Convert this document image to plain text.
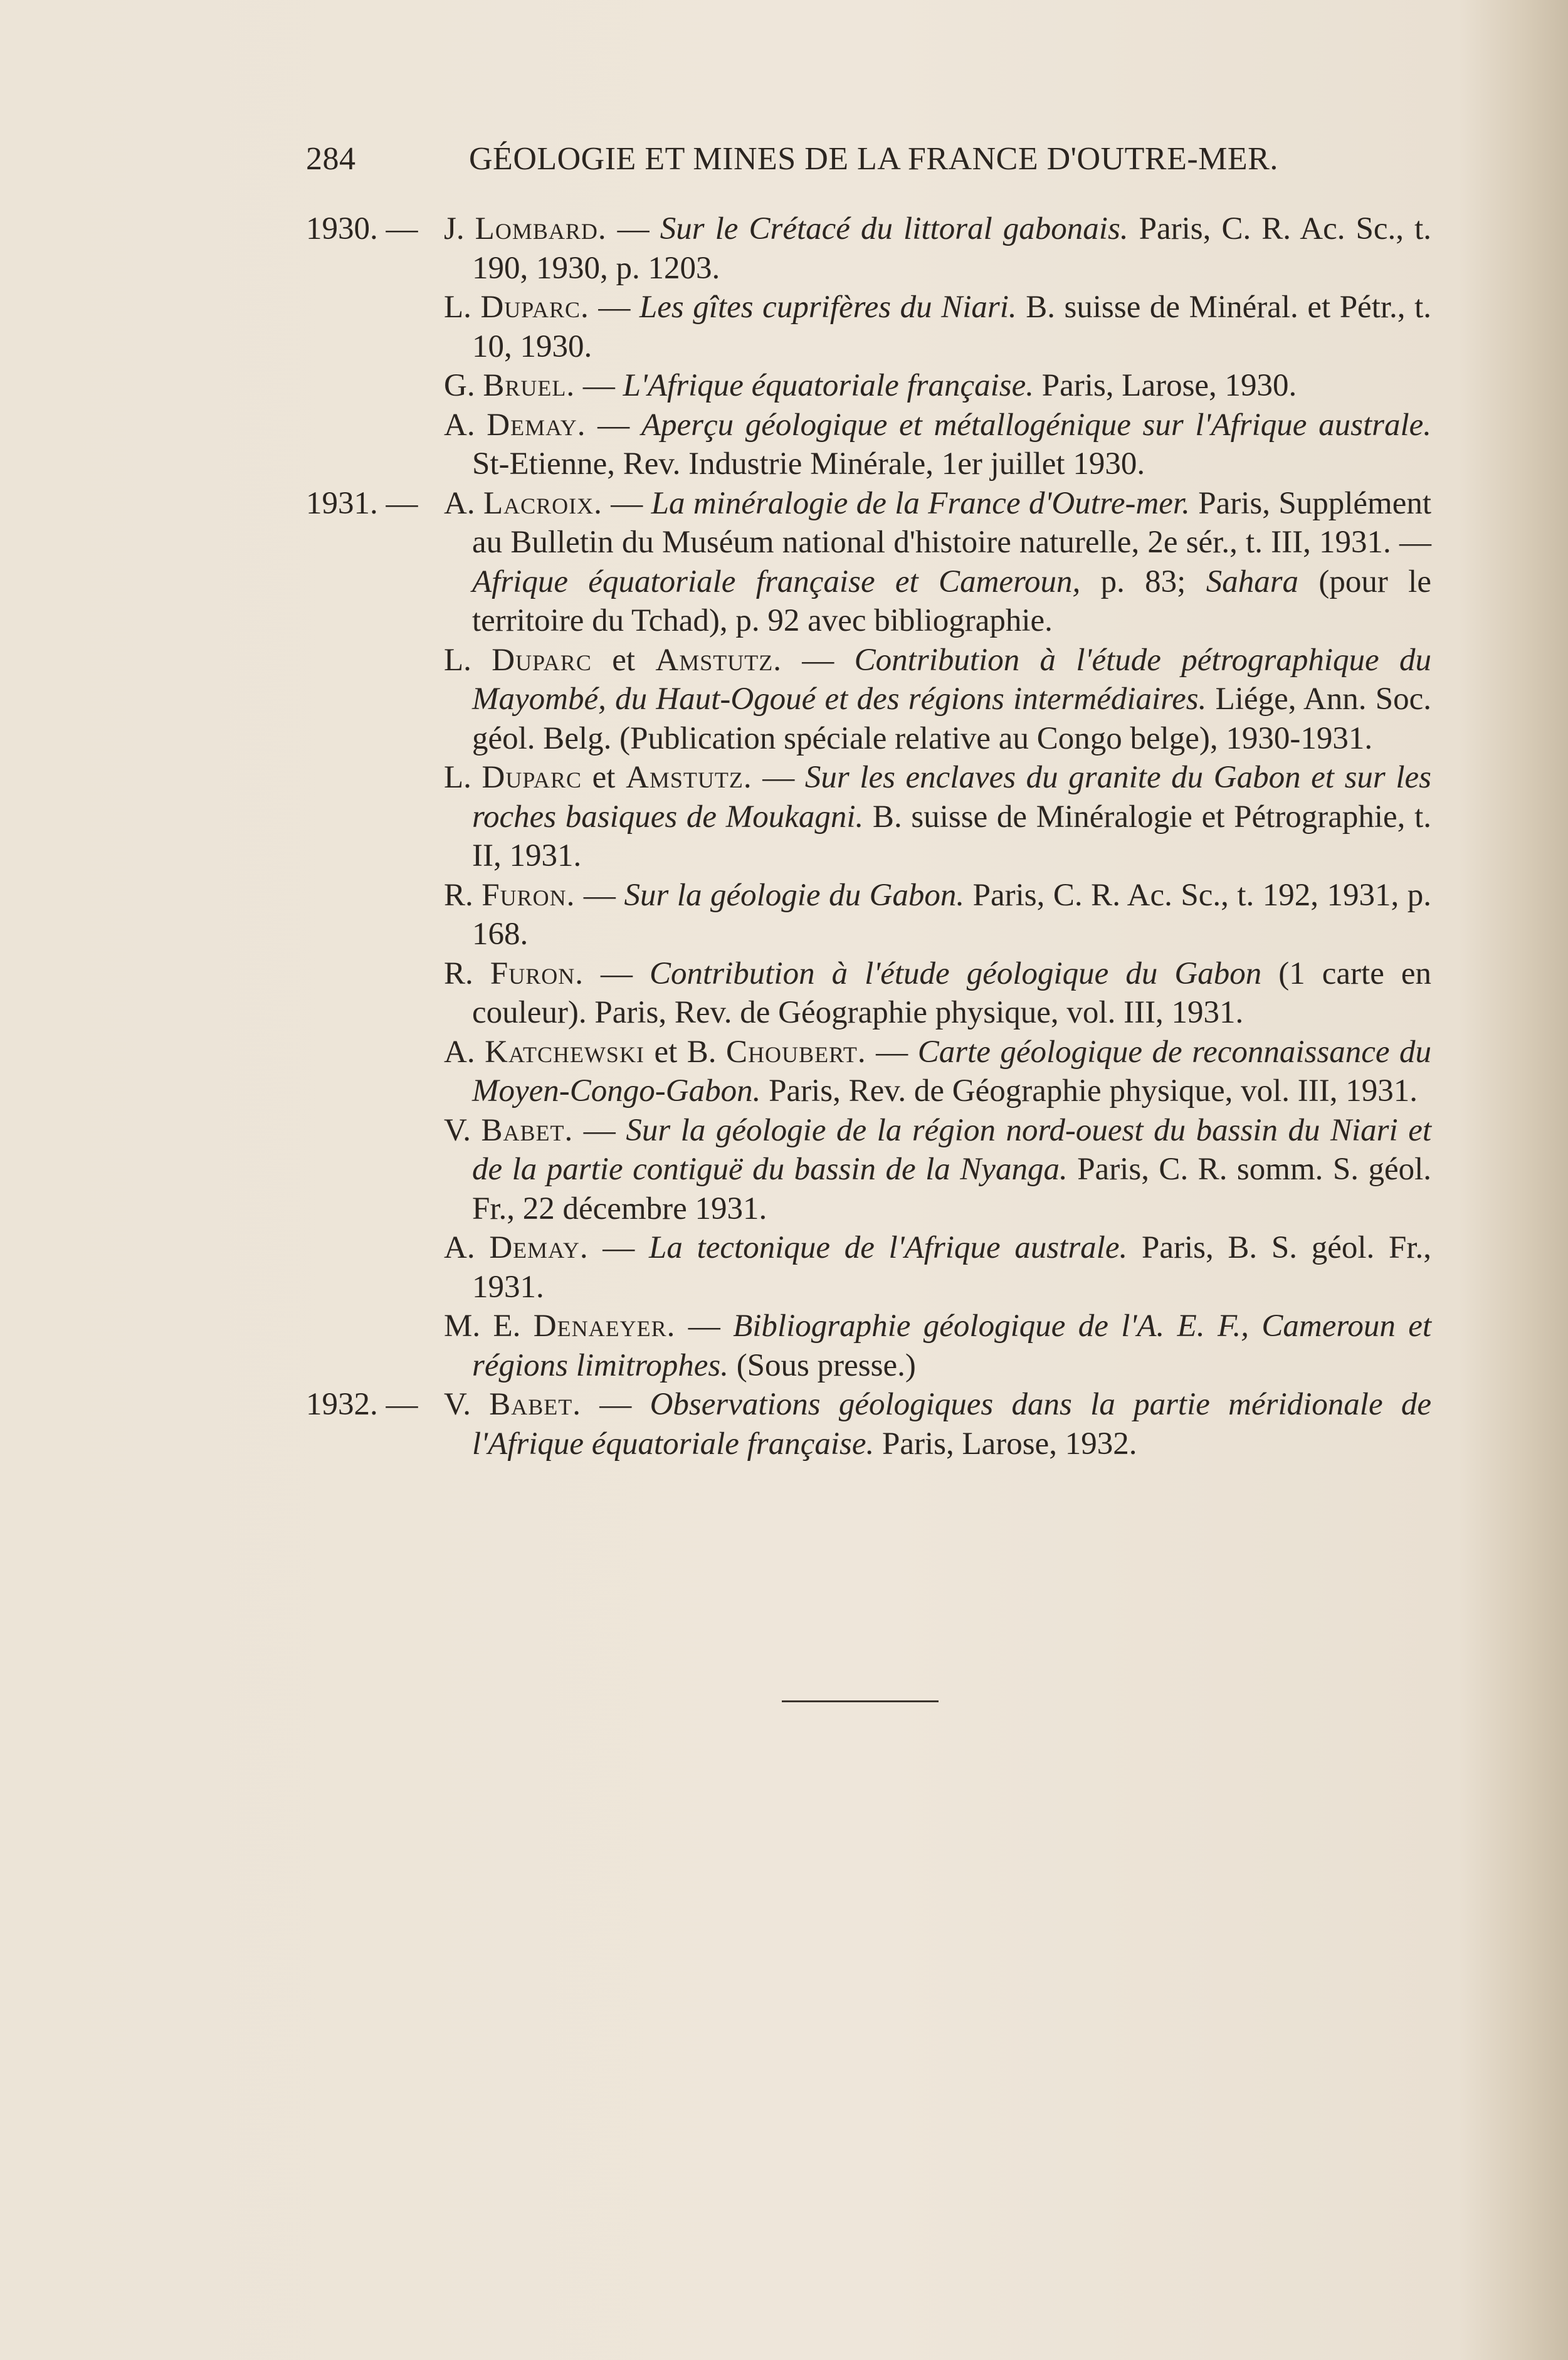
284	GÉOLOGIE ET MINES DE LA FRANCE D'OUTRE-MER.
1930. — J. Lombard. — Sur le Crétacé du littoral gabonais. Paris, C. R. Ac. Sc., t. 190, 1930, p. 1203.
L. Duparc. — Les gîtes cuprifères du Niari. B. suisse de Minéral. et Pétr., t. 10, 1930.
G. Bruel. — L'Afrique équatoriale française. Paris, Larose, 1930.
A. Demay. — Aperçu géologique et métallogénique sur l'Afrique australe. St-Etienne, Rev. Industrie Minérale, 1er juillet 1930.
1931. — A. Lacroix. — La minéralogie de la France d'Outre-mer. Paris, Supplément au Bulletin du Muséum national d'histoire naturelle, 2e sér., t. III, 1931. — Afrique équatoriale française et Cameroun, p. 83; Sahara (pour le territoire du Tchad), p. 92 avec bibliographie.
L. Duparc et Amstutz. — Contribution à l'étude pétrographique du Mayombé, du Haut-Ogoué et des régions intermédiaires. Liége, Ann. Soc. géol. Belg. (Publication spéciale relative au Congo belge), 1930-1931.
L. Duparc et Amstutz. — Sur les enclaves du granite du Gabon et sur les roches basiques de Moukagni. B. suisse de Minéralogie et Pétrographie, t. II, 1931.
R. Furon. — Sur la géologie du Gabon. Paris, C. R. Ac. Sc., t. 192, 1931, p. 168.
R. Furon. — Contribution à l'étude géologique du Gabon (1 carte en couleur). Paris, Rev. de Géographie physique, vol. III, 1931.
A. Katchewski et B. Choubert. — Carte géologique de reconnaissance du Moyen-Congo-Gabon. Paris, Rev. de Géographie physique, vol. III, 1931.
V. Babet. — Sur la géologie de la région nord-ouest du bassin du Niari et de la partie contiguë du bassin de la Nyanga. Paris, C. R. somm. S. géol. Fr., 22 décembre 1931.
A. Demay. — La tectonique de l'Afrique australe. Paris, B. S. géol. Fr., 1931.
M. E. Denaeyer. — Bibliographie géologique de l'A. E. F., Cameroun et régions limitrophes. (Sous presse.)
1932. — V. Babet. — Observations géologiques dans la partie méridionale de l'Afrique équatoriale française. Paris, Larose, 1932.
